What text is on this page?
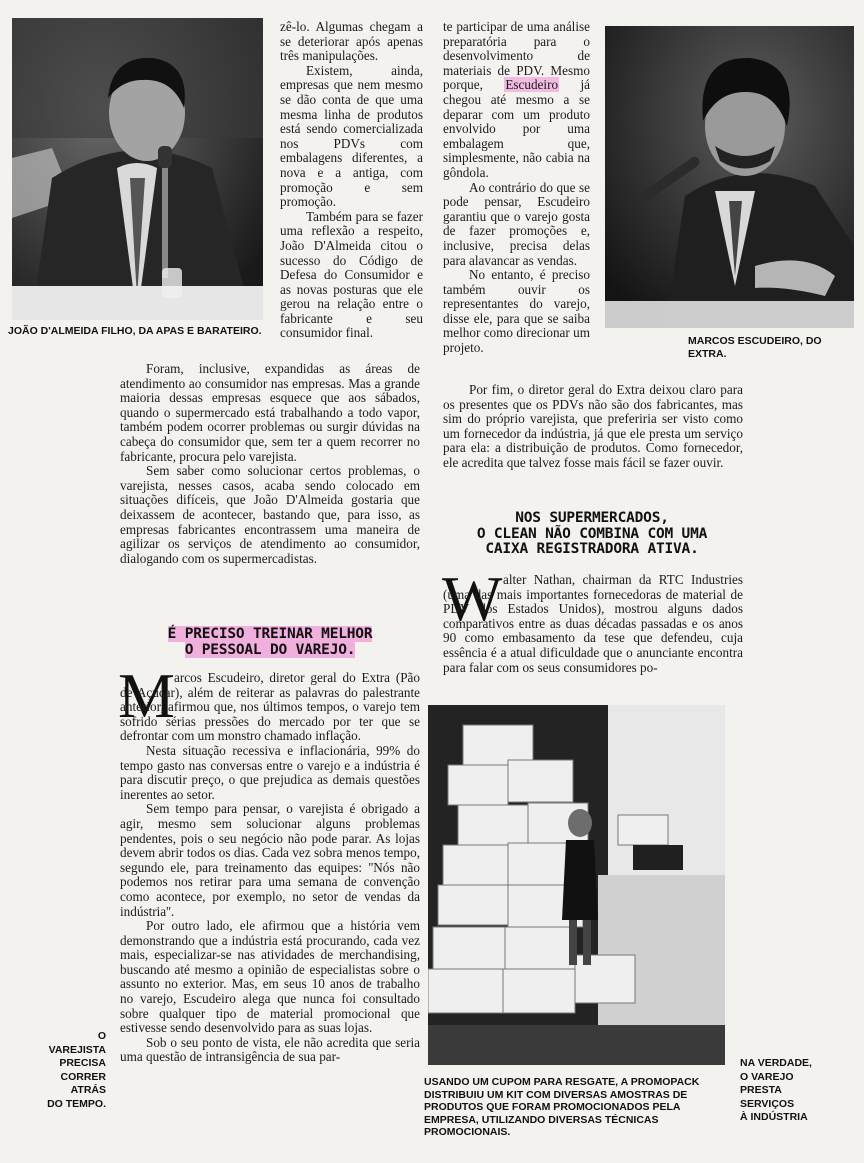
JOÃO D'ALMEIDA FILHO, DA APAS E BARATEIRO.

MARCOS ESCUDEIRO, DO EXTRA.

zê-lo. Algumas chegam a se deteriorar após apenas três manipulações.

Existem, ainda, empresas que nem mesmo se dão conta de que uma mesma linha de produtos está sendo comercializada nos PDVs com embalagens diferentes, a nova e a antiga, com promoção e sem promoção.

Também para se fazer uma reflexão a respeito, João D'Almeida citou o sucesso do Código de Defesa do Consumidor e as novas posturas que ele gerou na relação entre o fabricante e seu consumidor final.

te participar de uma análise preparatória para o desenvolvimento de materiais de PDV. Mesmo porque, Escudeiro já chegou até mesmo a se deparar com um produto envolvido por uma embalagem que, simplesmente, não cabia na gôndola.

Ao contrário do que se pode pensar, Escudeiro garantiu que o varejo gosta de fazer promoções e, inclusive, precisa delas para alavancar as vendas.

No entanto, é preciso também ouvir os representantes do varejo, disse ele, para que se saiba melhor como direcionar um projeto.

Foram, inclusive, expandidas as áreas de atendimento ao consumidor nas empresas. Mas a grande maioria dessas empresas esquece que aos sábados, quando o supermercado está trabalhando a todo vapor, também podem ocorrer problemas ou surgir dúvidas na cabeça do consumidor que, sem ter a quem recorrer no fabricante, procura pelo varejista.

Sem saber como solucionar certos problemas, o varejista, nesses casos, acaba sendo colocado em situações difíceis, que João D'Almeida gostaria que deixassem de acontecer, bastando que, para isso, as empresas fabricantes encontrassem uma maneira de agilizar os serviços de atendimento ao consumidor, dialogando com os supermercadistas.

Por fim, o diretor geral do Extra deixou claro para os presentes que os PDVs não são dos fabricantes, mas sim do próprio varejista, que preferiria ser visto como um fornecedor da indústria, já que ele presta um serviço para ela: a distribuição de produtos. Como fornecedor, ele acredita que talvez fosse mais fácil se fazer ouvir.

NOS SUPERMERCADOS,
O CLEAN NÃO COMBINA COM UMA
CAIXA REGISTRADORA ATIVA.
W alter Nathan, chairman da RTC Industries (uma das mais importantes fornecedoras de material de PDV dos Estados Unidos), mostrou alguns dados comparativos entre as duas décadas passadas e os anos 90 como embasamento da tese que defendeu, cuja essência é a atual dificuldade que o anunciante encontra para falar com os seus consumidores po-

É PRECISO TREINAR MELHOR
O PESSOAL DO VAREJO.
M arcos Escudeiro, diretor geral do Extra (Pão de Açúcar), além de reiterar as palavras do palestrante anterior, afirmou que, nos últimos tempos, o varejo tem sofrido sérias pressões do mercado por ter que se defrontar com um monstro chamado inflação.

Nesta situação recessiva e inflacionária, 99% do tempo gasto nas conversas entre o varejo e a indústria é para discutir preço, o que prejudica as demais questões inerentes ao setor.

Sem tempo para pensar, o varejista é obrigado a agir, mesmo sem solucionar alguns problemas pendentes, pois o seu negócio não pode parar. As lojas devem abrir todos os dias. Cada vez sobra menos tempo, segundo ele, para treinamento das equipes: ''Nós não podemos nos retirar para uma semana de convenção como acontece, por exemplo, no setor de vendas da indústria''.

Por outro lado, ele afirmou que a história vem demonstrando que a indústria está procurando, cada vez mais, especializar-se nas atividades de merchandising, buscando até mesmo a opinião de especialistas sobre o assunto no exterior. Mas, em seus 10 anos de trabalho no varejo, Escudeiro alega que nunca foi consultado sobre qualquer tipo de material promocional que estivesse sendo desenvolvido para as suas lojas.

Sob o seu ponto de vista, ele não acredita que seria uma questão de intransigência de sua par-

USANDO UM CUPOM PARA RESGATE, A PROMOPACK DISTRIBUIU UM KIT COM DIVERSAS AMOSTRAS DE PRODUTOS QUE FORAM PROMOCIONADOS PELA EMPRESA, UTILIZANDO DIVERSAS TÉCNICAS PROMOCIONAIS.

O
VAREJISTA
PRECISA
CORRER
ATRÁS
DO TEMPO.
NA VERDADE,
O VAREJO
PRESTA
SERVIÇOS
À INDÚSTRIA
